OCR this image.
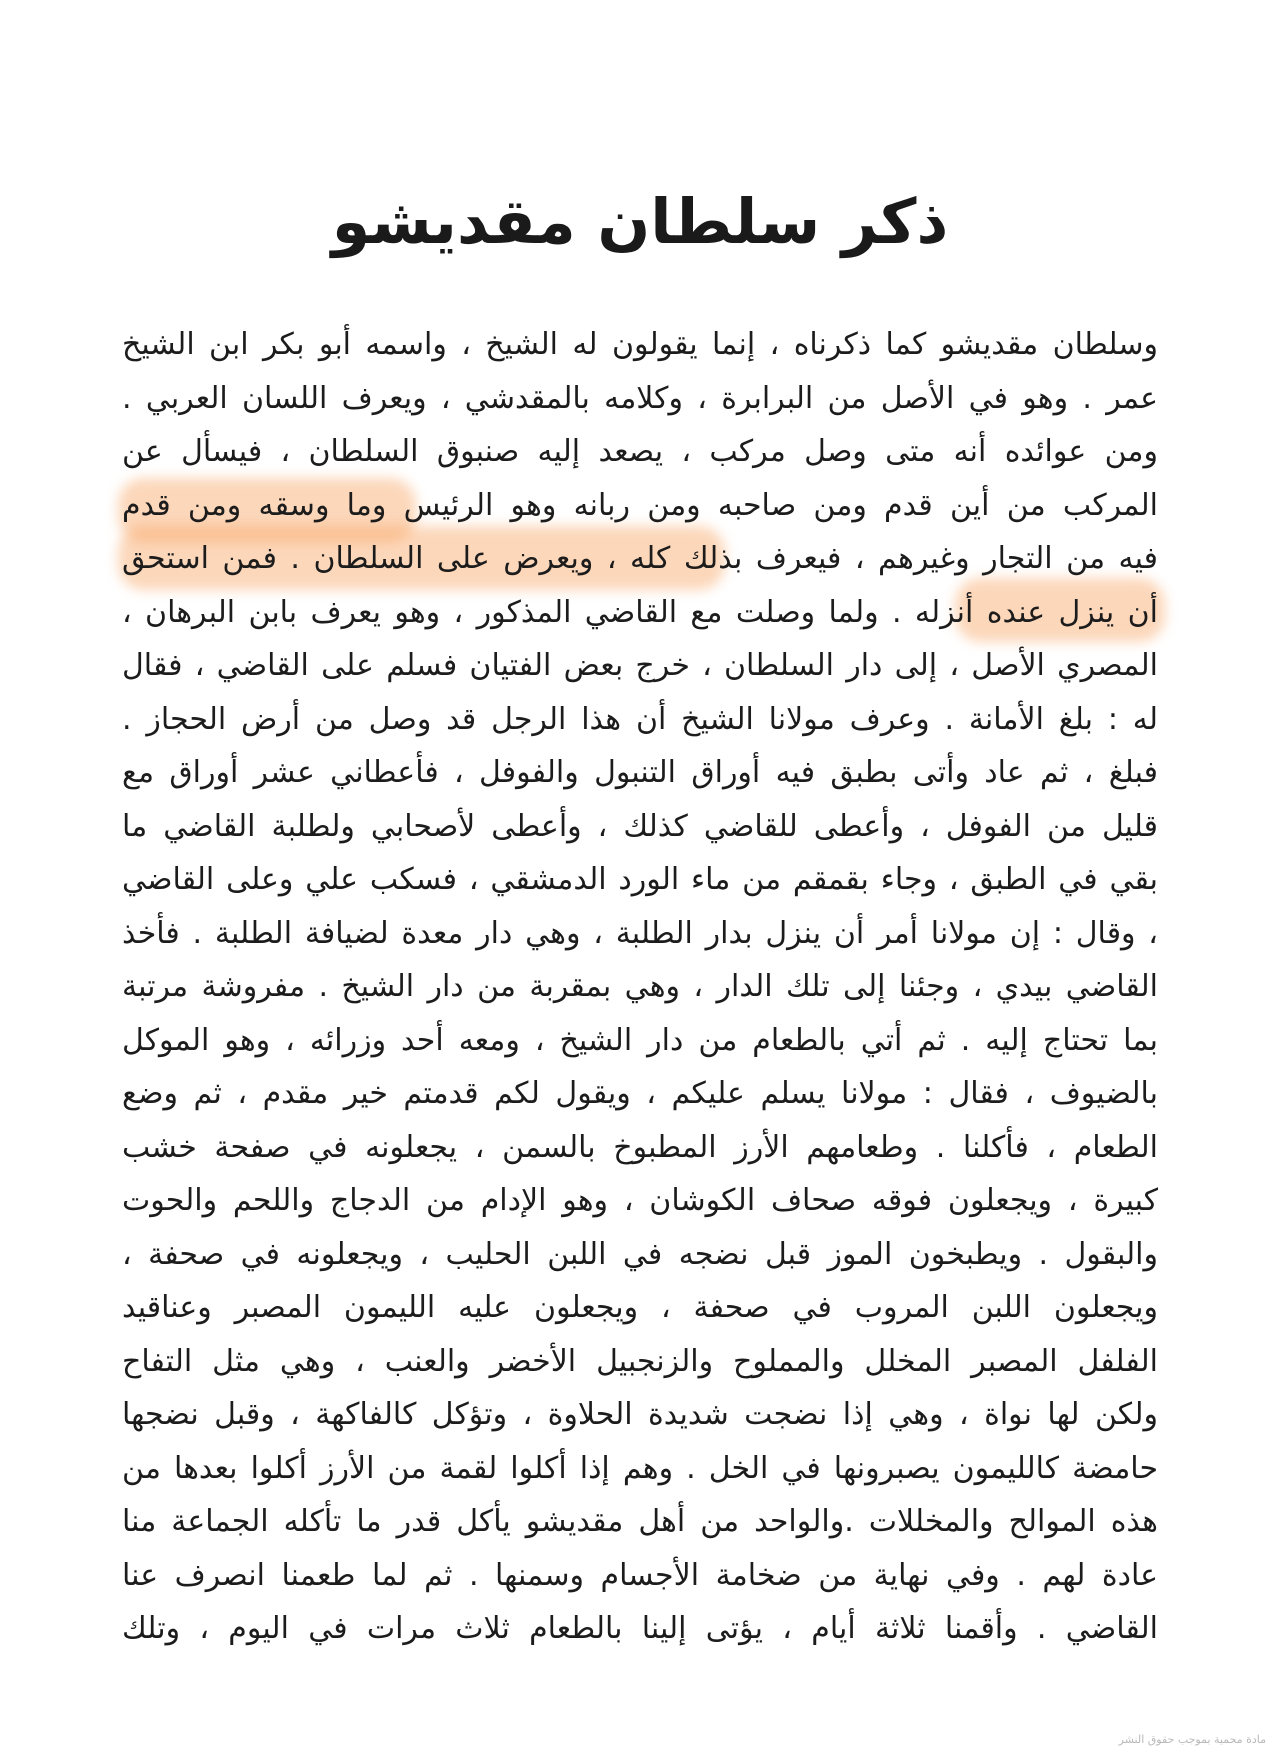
ذكر سلطان مقديشو
وسلطان مقديشو كما ذكرناه ، إنما يقولون له الشيخ ، واسمه أبو بكر ابن الشيخ
عمر . وهو في الأصل من البرابرة ، وكلامه بالمقدشي ، ويعرف اللسان العربي .
ومن عوائده أنه متى وصل مركب ، يصعد إليه صنبوق السلطان ، فيسأل عن
المركب من أين قدم ومن صاحبه ومن ربانه وهو الرئيس وما وسقه ومن قدم
فيه من التجار وغيرهم ، فيعرف بذلك كله ، ويعرض على السلطان . فمن استحق
أن ينزل عنده أنزله . ولما وصلت مع القاضي المذكور ، وهو يعرف بابن البرهان ،
المصري الأصل ، إلى دار السلطان ، خرج بعض الفتيان فسلم على القاضي ، فقال
له : بلغ الأمانة . وعرف مولانا الشيخ أن هذا الرجل قد وصل من أرض الحجاز .
فبلغ ، ثم عاد وأتى بطبق فيه أوراق التنبول والفوفل ، فأعطاني عشر أوراق مع
قليل من الفوفل ، وأعطى للقاضي كذلك ، وأعطى لأصحابي ولطلبة القاضي ما
بقي في الطبق ، وجاء بقمقم من ماء الورد الدمشقي ، فسكب علي وعلى القاضي
، وقال : إن مولانا أمر أن ينزل بدار الطلبة ، وهي دار معدة لضيافة الطلبة . فأخذ
القاضي بيدي ، وجئنا إلى تلك الدار ، وهي بمقربة من دار الشيخ . مفروشة مرتبة
بما تحتاج إليه . ثم أتي بالطعام من دار الشيخ ، ومعه أحد وزرائه ، وهو الموكل
بالضيوف ، فقال : مولانا يسلم عليكم ، ويقول لكم قدمتم خير مقدم ، ثم وضع
الطعام ، فأكلنا . وطعامهم الأرز المطبوخ بالسمن ، يجعلونه في صفحة خشب
كبيرة ، ويجعلون فوقه صحاف الكوشان ، وهو الإدام من الدجاج واللحم والحوت
والبقول . ويطبخون الموز قبل نضجه في اللبن الحليب ، ويجعلونه في صحفة ،
ويجعلون اللبن المروب في صحفة ، ويجعلون عليه الليمون المصبر وعناقيد
الفلفل المصبر المخلل والمملوح والزنجبيل الأخضر والعنب ، وهي مثل التفاح
ولكن لها نواة ، وهي إذا نضجت شديدة الحلاوة ، وتؤكل كالفاكهة ، وقبل نضجها
حامضة كالليمون يصبرونها في الخل . وهم إذا أكلوا لقمة من الأرز أكلوا بعدها من
هذه الموالح والمخللات .والواحد من أهل مقديشو يأكل قدر ما تأكله الجماعة منا
عادة لهم . وفي نهاية من ضخامة الأجسام وسمنها . ثم لما طعمنا انصرف عنا
القاضي . وأقمنا ثلاثة أيام ، يؤتى إلينا بالطعام ثلاث مرات في اليوم ، وتلك
مادة محمية بموجب حقوق النشر
